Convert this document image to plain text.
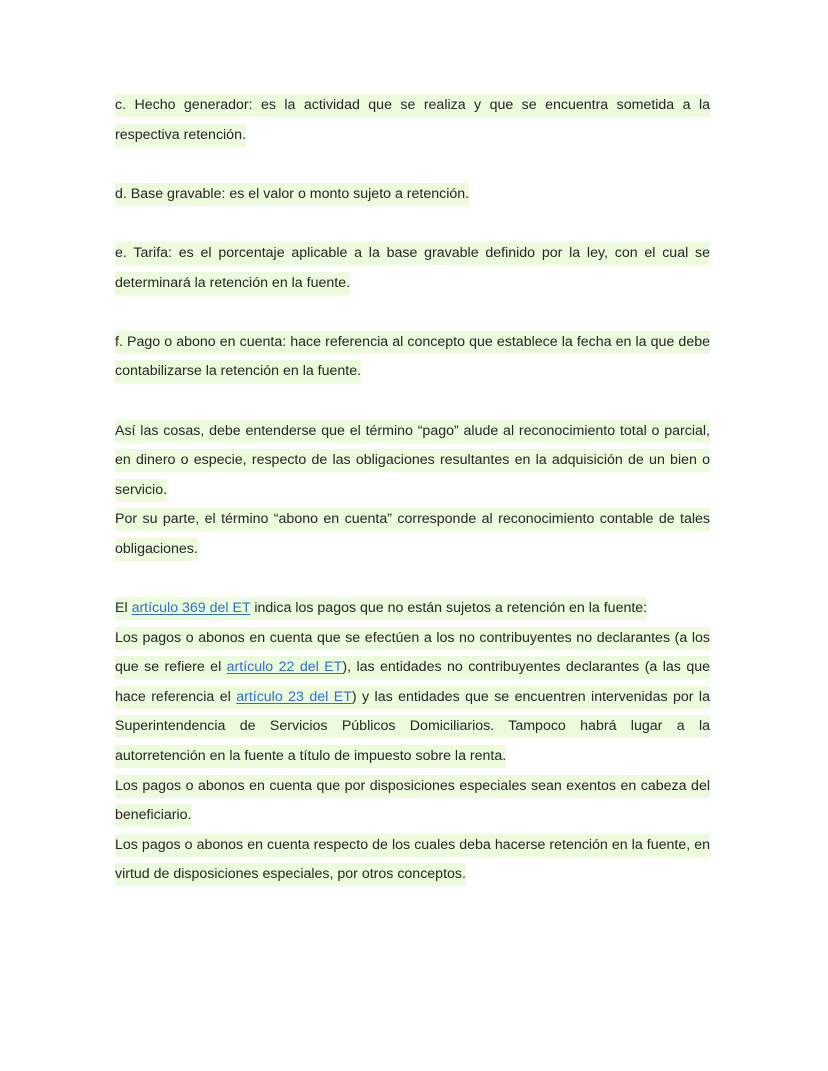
c. Hecho generador: es la actividad que se realiza y que se encuentra sometida a la respectiva retención.

d. Base gravable: es el valor o monto sujeto a retención.

e. Tarifa: es el porcentaje aplicable a la base gravable definido por la ley, con el cual se determinará la retención en la fuente.

f. Pago o abono en cuenta: hace referencia al concepto que establece la fecha en la que debe contabilizarse la retención en la fuente.

Así las cosas, debe entenderse que el término “pago” alude al reconocimiento total o parcial, en dinero o especie, respecto de las obligaciones resultantes en la adquisición de un bien o servicio.

Por su parte, el término “abono en cuenta” corresponde al reconocimiento contable de tales obligaciones.

El artículo 369 del ET indica los pagos que no están sujetos a retención en la fuente:

Los pagos o abonos en cuenta que se efectúen a los no contribuyentes no declarantes (a los que se refiere el artículo 22 del ET), las entidades no contribuyentes declarantes (a las que hace referencia el artículo 23 del ET) y las entidades que se encuentren intervenidas por la Superintendencia de Servicios Públicos Domiciliarios. Tampoco habrá lugar a la autorretención en la fuente a título de impuesto sobre la renta.

Los pagos o abonos en cuenta que por disposiciones especiales sean exentos en cabeza del beneficiario.

Los pagos o abonos en cuenta respecto de los cuales deba hacerse retención en la fuente, en virtud de disposiciones especiales, por otros conceptos.
